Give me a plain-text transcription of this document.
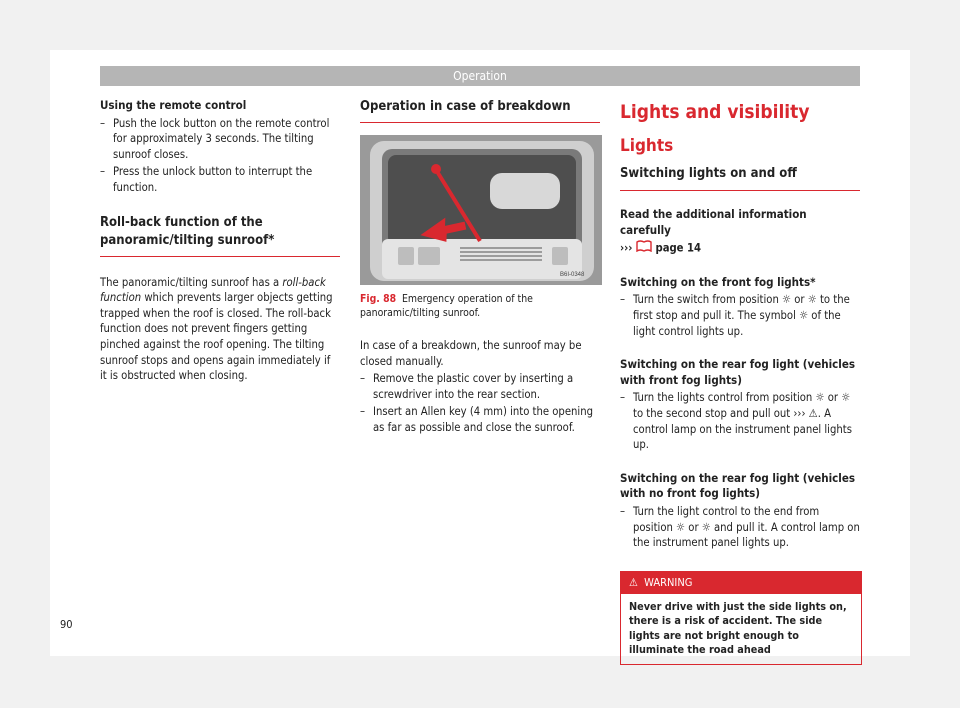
Operation

Using the remote control

– Push the lock button on the remote control for approximately 3 seconds. The tilting sunroof closes.
– Press the unlock button to interrupt the function.
Roll-back function of the panoramic/tilting sunroof*

The panoramic/tilting sunroof has a roll-back function which prevents larger objects getting trapped when the roof is closed. The roll-back function does not prevent fingers getting pinched against the roof opening. The tilting sunroof stops and opens again immediately if it is obstructed when closing.

Operation in case of breakdown
B6I-0348

Fig. 88 Emergency operation of the panoramic/tilting sunroof.

In case of a breakdown, the sunroof may be closed manually.

– Remove the plastic cover by inserting a screwdriver into the rear section.
– Insert an Allen key (4 mm) into the opening as far as possible and close the sunroof.
Lights and visibility
Lights
Switching lights on and off

Read the additional information carefully

››› page 14

Switching on the front fog lights*

– Turn the switch from position ☼ or ☼ to the first stop and pull it. The symbol ☼ of the light control lights up.

Switching on the rear fog light (vehicles with front fog lights)

– Turn the lights control from position ☼ or ☼ to the second stop and pull out ››› ⚠. A control lamp on the instrument panel lights up.

Switching on the rear fog light (vehicles with no front fog lights)

– Turn the light control to the end from position ☼ or ☼ and pull it. A control lamp on the instrument panel lights up.
⚠ WARNING
Never drive with just the side lights on, there is a risk of accident. The side lights are not bright enough to illuminate the road ahead
90
